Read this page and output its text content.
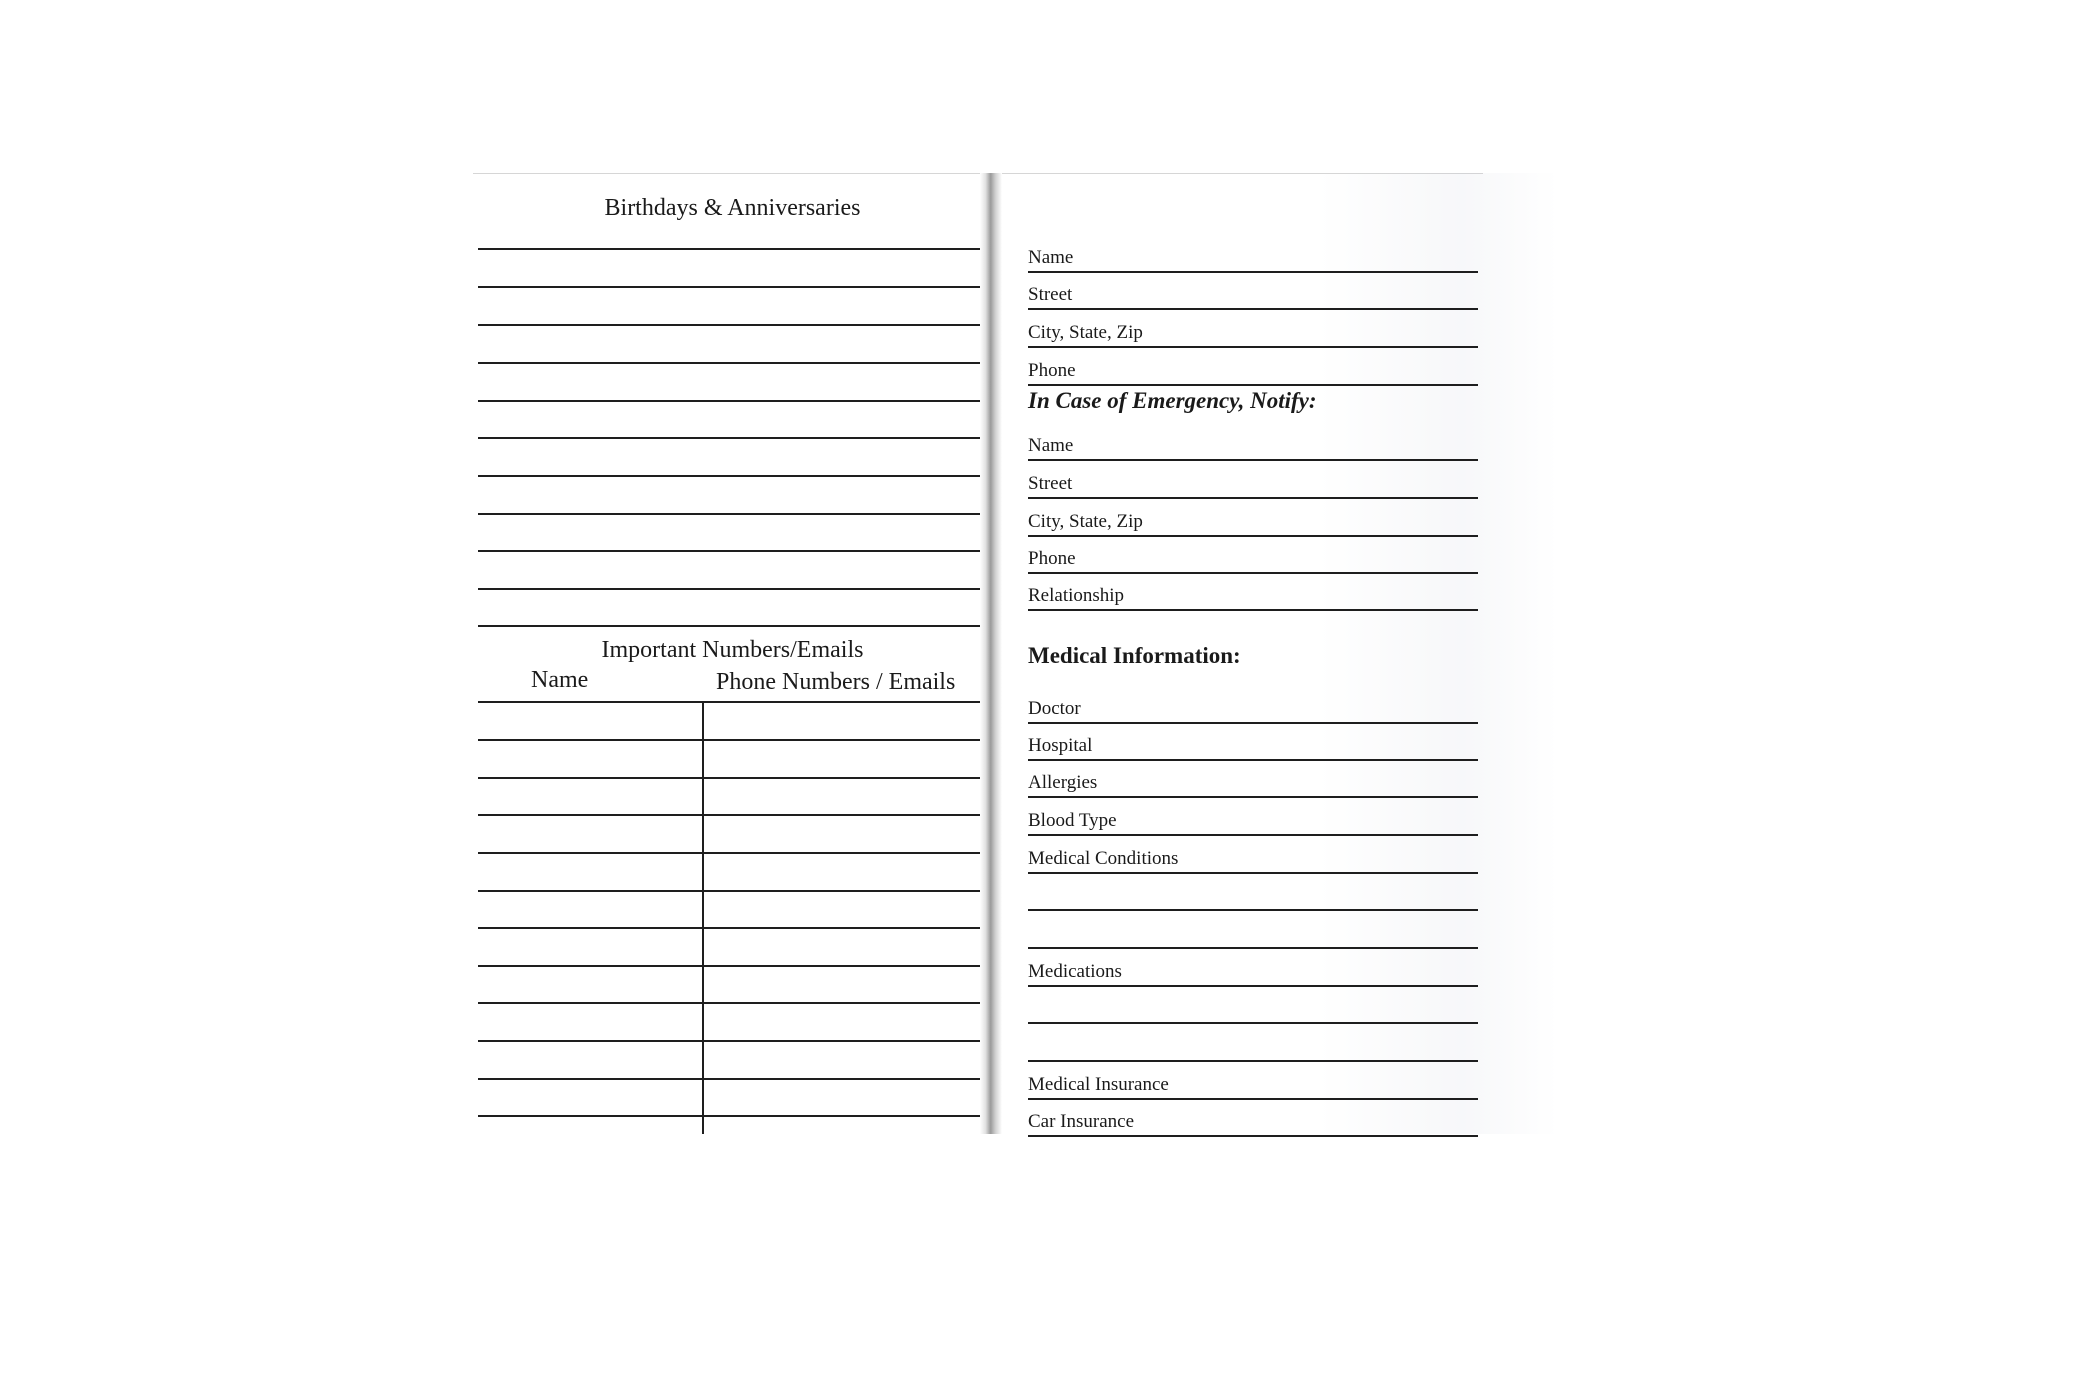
Birthdays & Anniversaries
Important Numbers/Emails
Name	Phone Numbers / Emails
Name
Street
City, State, Zip
Phone
In Case of Emergency, Notify:
Name
Street
City, State, Zip
Phone
Relationship
Medical Information:
Doctor
Hospital
Allergies
Blood Type
Medical Conditions
Medications
Medical Insurance
Car Insurance
